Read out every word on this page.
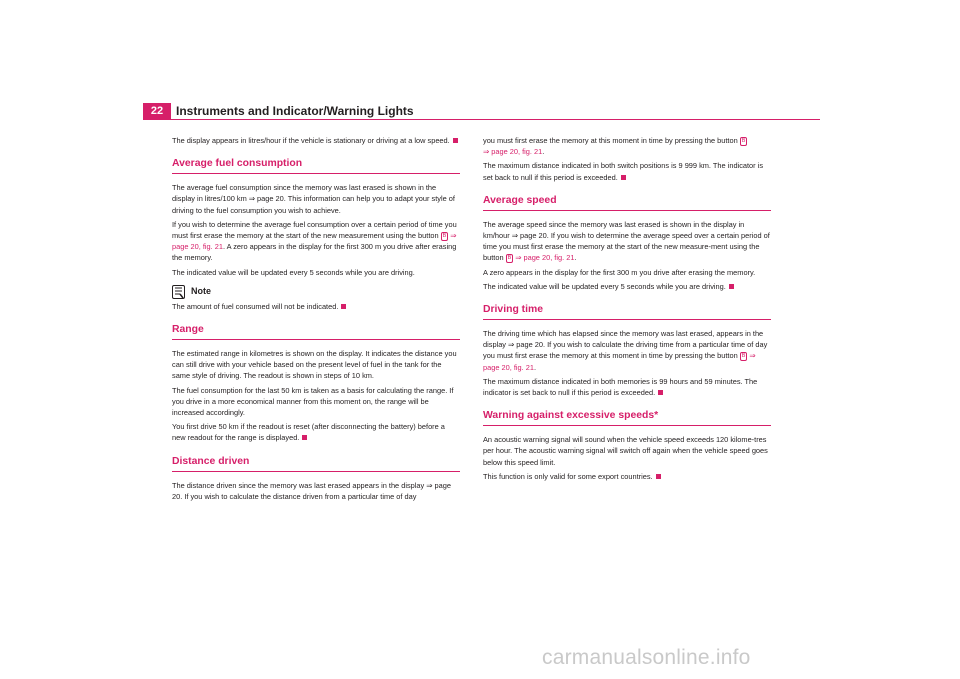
22	Instruments and Indicator/Warning Lights

The display appears in litres/hour if the vehicle is stationary or driving at a low speed.

Average fuel consumption

The average fuel consumption since the memory was last erased is shown in the display in litres/100 km ⇒ page 20. This information can help you to adapt your style of driving to the fuel consumption you wish to achieve.

If you wish to determine the average fuel consumption over a certain period of time you must first erase the memory at the start of the new measurement using the button B ⇒ page 20, fig. 21. A zero appears in the display for the first 300 m you drive after erasing the memory.

The indicated value will be updated every 5 seconds while you are driving.

Note

The amount of fuel consumed will not be indicated.

Range

The estimated range in kilometres is shown on the display. It indicates the distance you can still drive with your vehicle based on the present level of fuel in the tank for the same style of driving. The readout is shown in steps of 10 km.

The fuel consumption for the last 50 km is taken as a basis for calculating the range. If you drive in a more economical manner from this moment on, the range will be increased accordingly.

You first drive 50 km if the readout is reset (after disconnecting the battery) before a new readout for the range is displayed.

Distance driven

The distance driven since the memory was last erased appears in the display ⇒ page 20. If you wish to calculate the distance driven from a particular time of day

you must first erase the memory at this moment in time by pressing the button B
⇒ page 20, fig. 21.

The maximum distance indicated in both switch positions is 9 999 km. The indicator is set back to null if this period is exceeded.

Average speed

The average speed since the memory was last erased is shown in the display in km/hour ⇒ page 20. If you wish to determine the average speed over a certain period of time you must first erase the memory at the start of the new measure-ment using the button B ⇒ page 20, fig. 21.

A zero appears in the display for the first 300 m you drive after erasing the memory.

The indicated value will be updated every 5 seconds while you are driving.

Driving time

The driving time which has elapsed since the memory was last erased, appears in the display ⇒ page 20. If you wish to calculate the driving time from a particular time of day you must first erase the memory at this moment in time by pressing the button B ⇒ page 20, fig. 21.

The maximum distance indicated in both memories is 99 hours and 59 minutes. The indicator is set back to null if this period is exceeded.

Warning against excessive speeds*

An acoustic warning signal will sound when the vehicle speed exceeds 120 kilome-tres per hour. The acoustic warning signal will switch off again when the vehicle speed goes below this speed limit.

This function is only valid for some export countries.

carmanualsonline.info
